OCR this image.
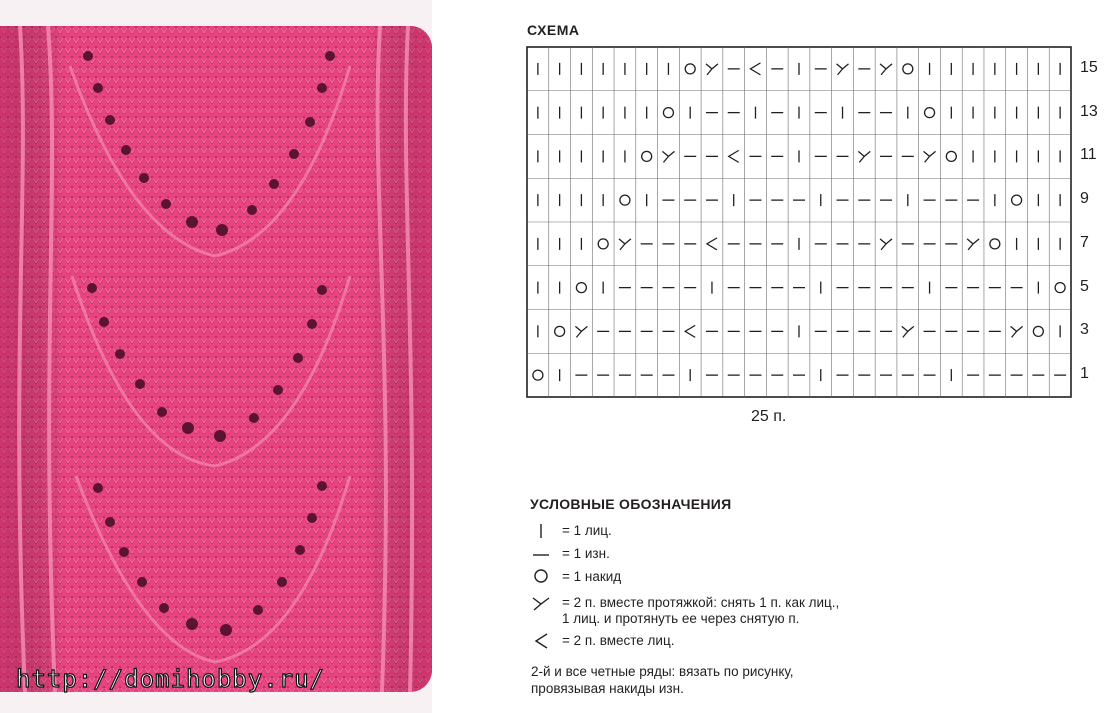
http://domihobby.ru/
СХЕМА
15
13
11
9
7
5
3
1
25 п.
УСЛОВНЫЕ ОБОЗНАЧЕНИЯ
= 1 лиц.
= 1 изн.
= 1 накид
= 2 п. вместе протяжкой: снять 1 п. как лиц.,
1 лиц. и протянуть ее через снятую п.
= 2 п. вместе лиц.
2-й и все четные ряды: вязать по рисунку,
провязывая накиды изн.
